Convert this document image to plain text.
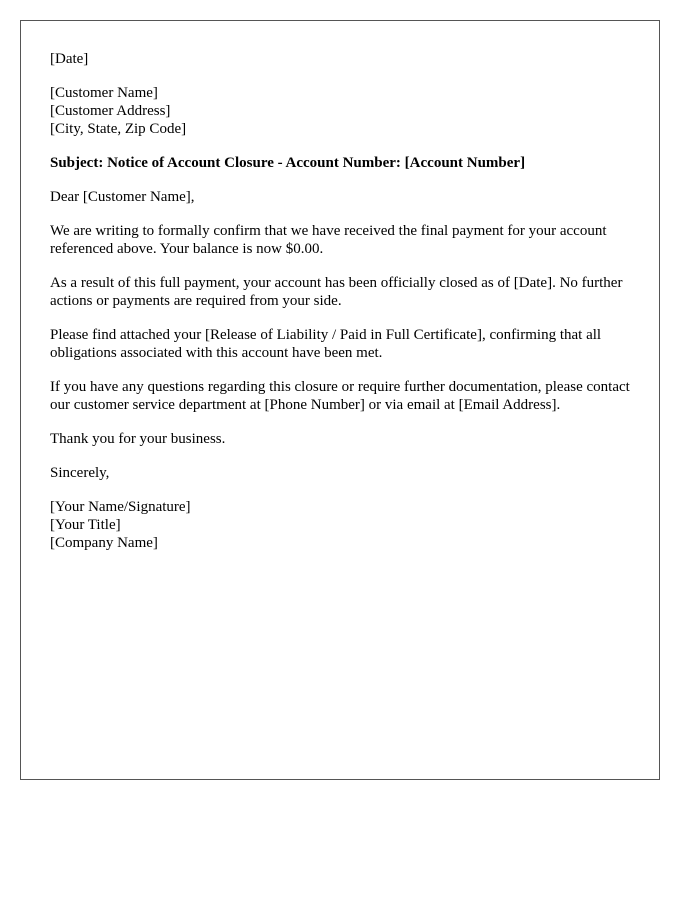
[Date]

[Customer Name]
[Customer Address]
[City, State, Zip Code]

Subject: Notice of Account Closure - Account Number: [Account Number]

Dear [Customer Name],

We are writing to formally confirm that we have received the final payment for your account referenced above. Your balance is now $0.00.

As a result of this full payment, your account has been officially closed as of [Date]. No further actions or payments are required from your side.

Please find attached your [Release of Liability / Paid in Full Certificate], confirming that all obligations associated with this account have been met.

If you have any questions regarding this closure or require further documentation, please contact our customer service department at [Phone Number] or via email at [Email Address].

Thank you for your business.

Sincerely,

[Your Name/Signature]
[Your Title]
[Company Name]
